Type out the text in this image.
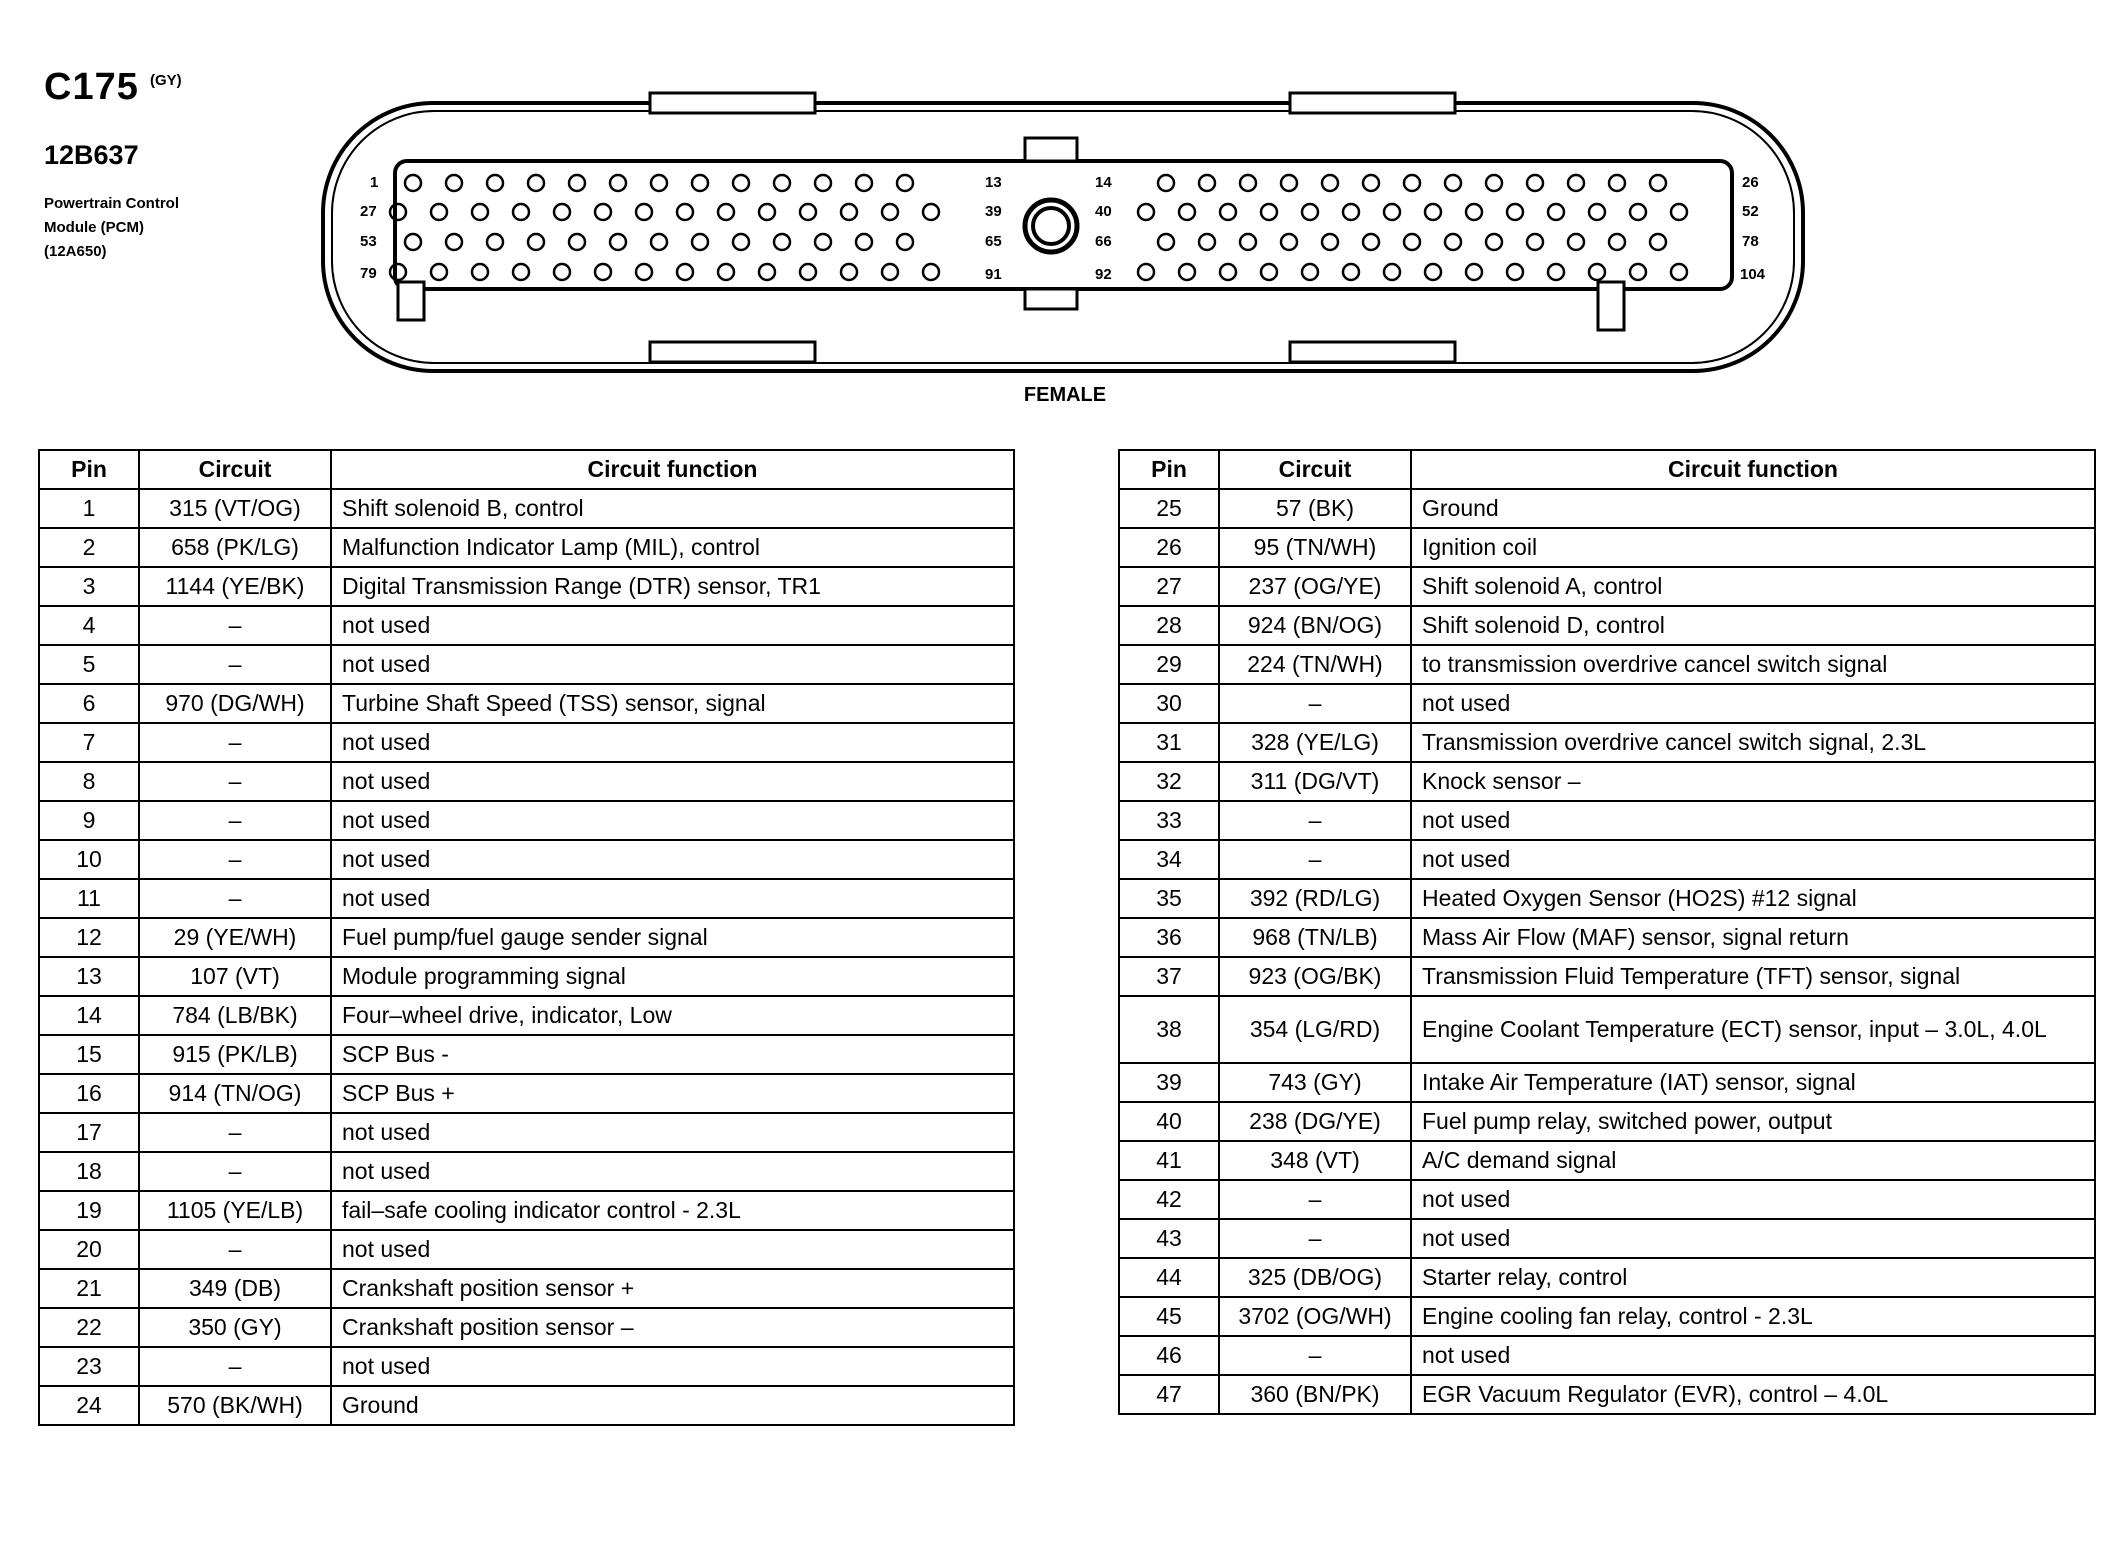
C175 (GY)
12B637
Powertrain Control
Module (PCM)
(12A650)
1
27
53
79
13
39
65
91
14
40
66
92
26
52
78
104
FEMALE
Pin	Circuit	Circuit function
1	315 (VT/OG)	Shift solenoid B, control
2	658 (PK/LG)	Malfunction Indicator Lamp (MIL), control
3	1144 (YE/BK)	Digital Transmission Range (DTR) sensor, TR1
4	–	not used
5	–	not used
6	970 (DG/WH)	Turbine Shaft Speed (TSS) sensor, signal
7	–	not used
8	–	not used
9	–	not used
10	–	not used
11	–	not used
12	29 (YE/WH)	Fuel pump/fuel gauge sender signal
13	107 (VT)	Module programming signal
14	784 (LB/BK)	Four–wheel drive, indicator, Low
15	915 (PK/LB)	SCP Bus -
16	914 (TN/OG)	SCP Bus +
17	–	not used
18	–	not used
19	1105 (YE/LB)	fail–safe cooling indicator control - 2.3L
20	–	not used
21	349 (DB)	Crankshaft position sensor +
22	350 (GY)	Crankshaft position sensor –
23	–	not used
24	570 (BK/WH)	Ground
Pin	Circuit	Circuit function
25	57 (BK)	Ground
26	95 (TN/WH)	Ignition coil
27	237 (OG/YE)	Shift solenoid A, control
28	924 (BN/OG)	Shift solenoid D, control
29	224 (TN/WH)	to transmission overdrive cancel switch signal
30	–	not used
31	328 (YE/LG)	Transmission overdrive cancel switch signal, 2.3L
32	311 (DG/VT)	Knock sensor –
33	–	not used
34	–	not used
35	392 (RD/LG)	Heated Oxygen Sensor (HO2S) #12 signal
36	968 (TN/LB)	Mass Air Flow (MAF) sensor, signal return
37	923 (OG/BK)	Transmission Fluid Temperature (TFT) sensor, signal
38	354 (LG/RD)	Engine Coolant Temperature (ECT) sensor, input – 3.0L, 4.0L
39	743 (GY)	Intake Air Temperature (IAT) sensor, signal
40	238 (DG/YE)	Fuel pump relay, switched power, output
41	348 (VT)	A/C demand signal
42	–	not used
43	–	not used
44	325 (DB/OG)	Starter relay, control
45	3702 (OG/WH)	Engine cooling fan relay, control - 2.3L
46	–	not used
47	360 (BN/PK)	EGR Vacuum Regulator (EVR), control – 4.0L
